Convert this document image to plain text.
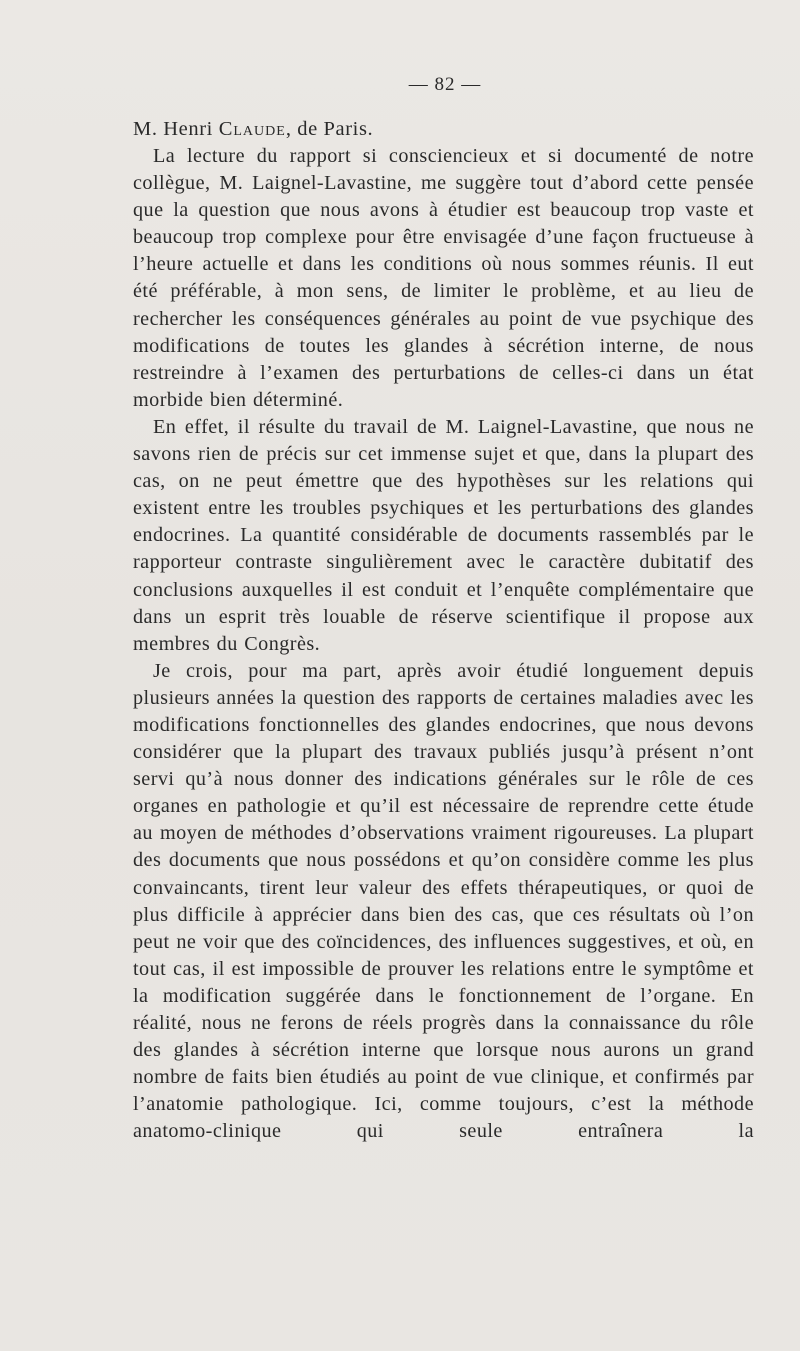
— 82 —

M. Henri Claude, de Paris.

La lecture du rapport si consciencieux et si documenté de notre collègue, M. Laignel-Lavastine, me suggère tout d’abord cette pensée que la question que nous avons à étudier est beaucoup trop vaste et beaucoup trop complexe pour être envisagée d’une façon fructueuse à l’heure actuelle et dans les conditions où nous sommes réunis. Il eut été préférable, à mon sens, de limiter le problème, et au lieu de rechercher les conséquences générales au point de vue psychique des modifications de toutes les glandes à sécrétion interne, de nous restreindre à l’examen des perturbations de celles-ci dans un état morbide bien déterminé.

En effet, il résulte du travail de M. Laignel-Lavastine, que nous ne savons rien de précis sur cet immense sujet et que, dans la plupart des cas, on ne peut émettre que des hypothèses sur les relations qui existent entre les troubles psychiques et les perturbations des glandes endocrines. La quantité considérable de documents rassemblés par le rapporteur contraste singulièrement avec le caractère dubitatif des conclusions auxquelles il est conduit et l’enquête complémentaire que dans un esprit très louable de réserve scientifique il propose aux membres du Congrès.

Je crois, pour ma part, après avoir étudié longuement depuis plusieurs années la question des rapports de certaines maladies avec les modifications fonctionnelles des glandes endocrines, que nous devons considérer que la plupart des travaux publiés jusqu’à présent n’ont servi qu’à nous donner des indications générales sur le rôle de ces organes en pathologie et qu’il est nécessaire de reprendre cette étude au moyen de méthodes d’observations vraiment rigoureuses. La plupart des documents que nous possédons et qu’on considère comme les plus convaincants, tirent leur valeur des effets thérapeutiques, or quoi de plus difficile à apprécier dans bien des cas, que ces résultats où l’on peut ne voir que des coïncidences, des influences suggestives, et où, en tout cas, il est impossible de prouver les relations entre le symptôme et la modification suggérée dans le fonctionnement de l’organe. En réalité, nous ne ferons de réels progrès dans la connaissance du rôle des glandes à sécrétion interne que lorsque nous aurons un grand nombre de faits bien étudiés au point de vue clinique, et confirmés par l’anatomie pathologique. Ici, comme toujours, c’est la méthode anatomo-clinique qui seule entraînera la
